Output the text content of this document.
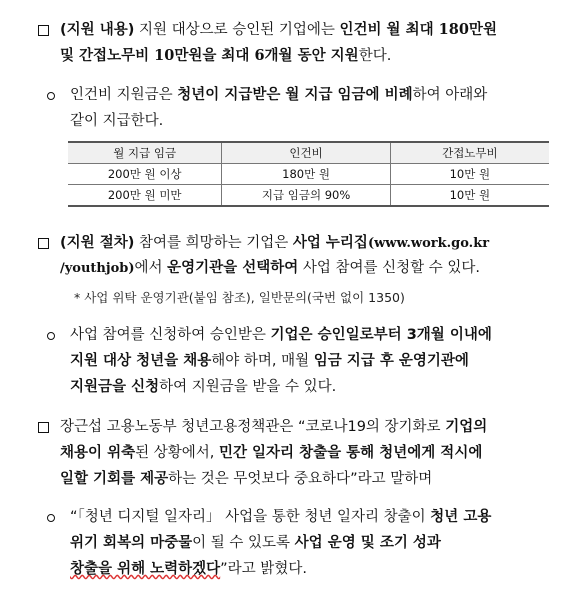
(지원 내용) 지원 대상으로 승인된 기업에는 인건비 월 최대 180만원
및 간접노무비 10만원을 최대 6개월 동안 지원한다.
인건비 지원금은 청년이 지급받은 월 지급 임금에 비례하여 아래와
같이 지급한다.
월 지급 임금	인건비	간접노무비
200만 원 이상	180만 원	10만 원
200만 원 미만	지급 임금의 90%	10만 원
(지원 절차) 참여를 희망하는 기업은 사업 누리집(www.work.go.kr
/youthjob)에서 운영기관을 선택하여 사업 참여를 신청할 수 있다.
* 사업 위탁 운영기관(붙임 참조), 일반문의(국번 없이 1350)
사업 참여를 신청하여 승인받은 기업은 승인일로부터 3개월 이내에
지원 대상 청년을 채용해야 하며, 매월 임금 지급 후 운영기관에
지원금을 신청하여 지원금을 받을 수 있다.
장근섭 고용노동부 청년고용정책관은 “코로나19의 장기화로 기업의
채용이 위축된 상황에서, 민간 일자리 창출을 통해 청년에게 적시에
일할 기회를 제공하는 것은 무엇보다 중요하다”라고 말하며
“「청년 디지털 일자리」 사업을 통한 청년 일자리 창출이 청년 고용
위기 회복의 마중물이 될 수 있도록 사업 운영 및 조기 성과
창출을 위해 노력하겠다”라고 밝혔다.
